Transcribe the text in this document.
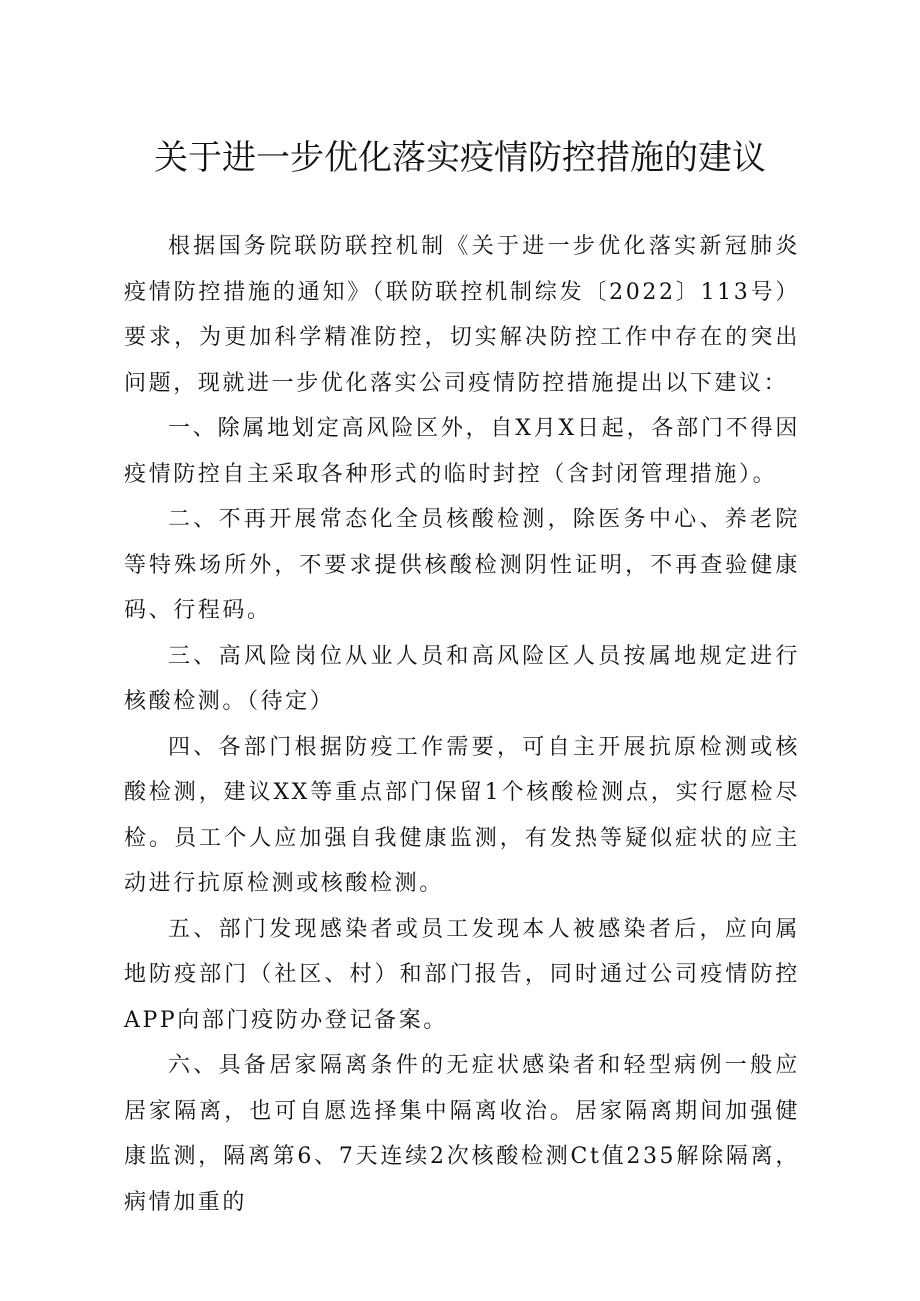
关于进一步优化落实疫情防控措施的建议

根据国务院联防联控机制《关于进一步优化落实新冠肺炎疫情防控措施的通知》（联防联控机制综发〔2022〕113号）要求，为更加科学精准防控，切实解决防控工作中存在的突出问题，现就进一步优化落实公司疫情防控措施提出以下建议：

一、除属地划定高风险区外，自X月X日起，各部门不得因疫情防控自主采取各种形式的临时封控（含封闭管理措施）。

二、不再开展常态化全员核酸检测，除医务中心、养老院等特殊场所外，不要求提供核酸检测阴性证明，不再查验健康码、行程码。

三、高风险岗位从业人员和高风险区人员按属地规定进行核酸检测。（待定）

四、各部门根据防疫工作需要，可自主开展抗原检测或核酸检测，建议XX等重点部门保留1个核酸检测点，实行愿检尽检。员工个人应加强自我健康监测，有发热等疑似症状的应主动进行抗原检测或核酸检测。

五、部门发现感染者或员工发现本人被感染者后，应向属地防疫部门（社区、村）和部门报告，同时通过公司疫情防控APP向部门疫防办登记备案。

六、具备居家隔离条件的无症状感染者和轻型病例一般应居家隔离，也可自愿选择集中隔离收治。居家隔离期间加强健康监测，隔离第6、7天连续2次核酸检测Ct值235解除隔离，病情加重的
